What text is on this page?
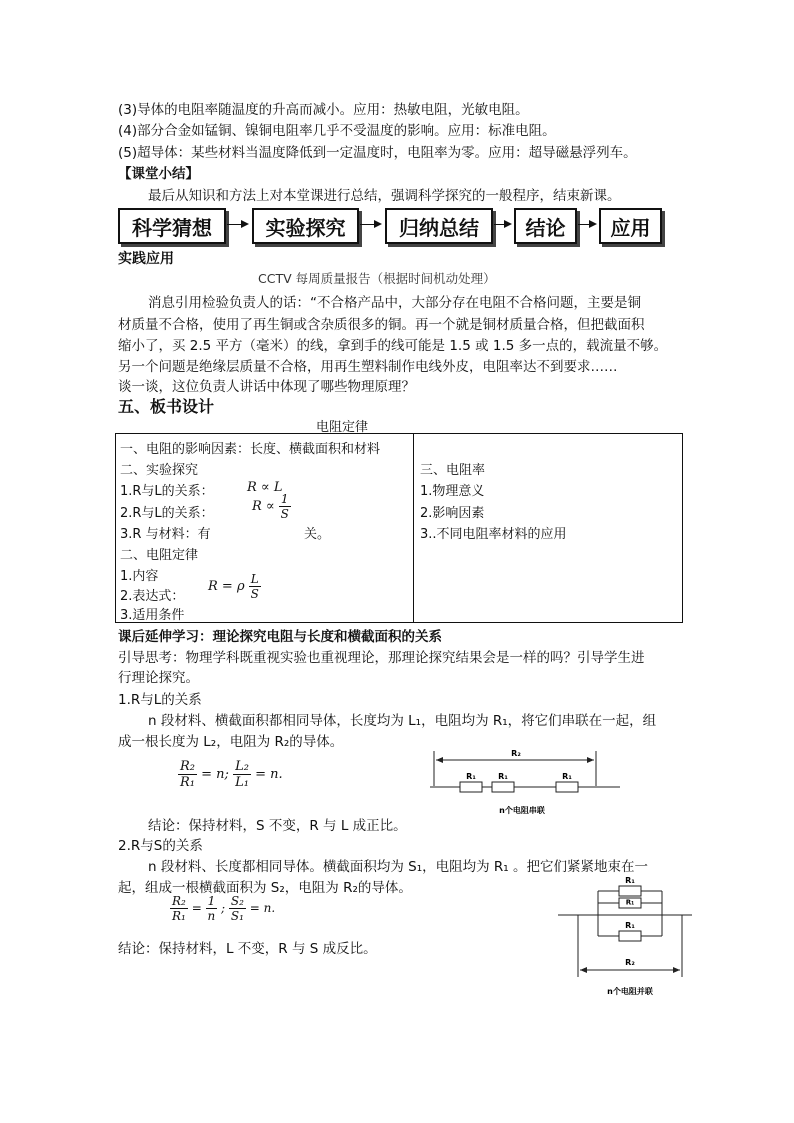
(3)导体的电阻率随温度的升高而减小。应用：热敏电阻，光敏电阻。
(4)部分合金如锰铜、镍铜电阻率几乎不受温度的影响。应用：标准电阻。
(5)超导体：某些材料当温度降低到一定温度时，电阻率为零。应用：超导磁悬浮列车。
【课堂小结】
最后从知识和方法上对本堂课进行总结，强调科学探究的一般程序，结束新课。
科学猜想	实验探究	归纳总结	结论	应用
实践应用
CCTV 每周质量报告（根据时间机动处理）
消息引用检验负责人的话：“不合格产品中，大部分存在电阻不合格问题，主要是铜
材质量不合格，使用了再生铜或含杂质很多的铜。再一个就是铜材质量合格，但把截面积
缩小了，买 2.5 平方（毫米）的线，拿到手的线可能是 1.5 或 1.5 多一点的，载流量不够。
另一个问题是绝缘层质量不合格，用再生塑料制作电线外皮，电阻率达不到要求……
谈一谈，这位负责人讲话中体现了哪些物理原理？
五、板书设计
电阻定律
一、电阻的影响因素：长度、横截面积和材料
二、实验探究
1.R与L的关系：	R ∝ L
2.R与L的关系：	$R \propto \frac{1}{S}$
3.R 与材料：有	关。
二、电阻定律
1.内容
2.表达式：
R = ρ $\frac{L}{S}$
3.适用条件
三、电阻率
1.物理意义
2.影响因素
3..不同电阻率材料的应用
课后延伸学习：理论探究电阻与长度和横截面积的关系
引导思考：物理学科既重视实验也重视理论，那理论探究结果会是一样的吗？引导学生进
行理论探究。
1.R与L的关系
n 段材料、横截面积都相同导体，长度均为 L₁，电阻均为 R₁，将它们串联在一起，组
成一根长度为 L₂，电阻为 R₂的导体。
$\frac{\text{R₂}}{\text{R₁}} = n$; $\frac{\text{L₂}}{\text{L₁}} = n$.
结论：保持材料，S 不变，R 与 L 成正比。
2.R与S的关系
n 段材料、长度都相同导体。横截面积均为 S₁，电阻均为 R₁ 。把它们紧紧地束在一
起，组成一根横截面积为 S₂，电阻为 R₂的导体。
$\frac{\text{R₂}}{\text{R₁}} = \frac{1}{n}$ ; $\frac{\text{S₂}}{\text{S₁}} = n$.
结论：保持材料，L 不变，R 与 S 成反比。
R₂
R₁	R₁	R₁
n个电阻串联
R₁
R₁
R₁
R₂
n个电阻并联
